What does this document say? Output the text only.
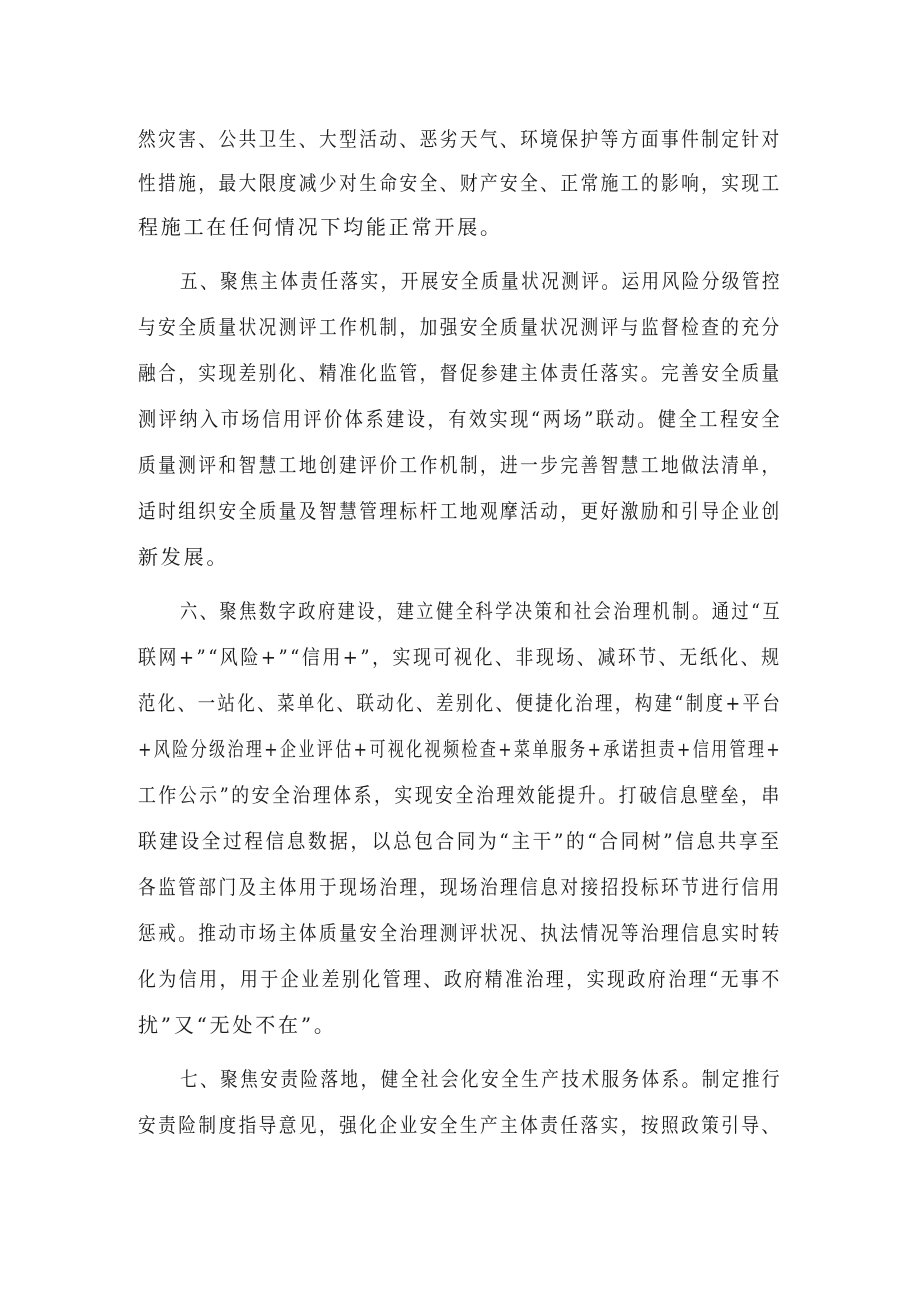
然灾害、公共卫生、大型活动、恶劣天气、环境保护等方面事件制定针对
性措施，最大限度减少对生命安全、财产安全、正常施工的影响，实现工
程施工在任何情况下均能正常开展。
五、聚焦主体责任落实，开展安全质量状况测评。运用风险分级管控
与安全质量状况测评工作机制，加强安全质量状况测评与监督检查的充分
融合，实现差别化、精准化监管，督促参建主体责任落实。完善安全质量
测评纳入市场信用评价体系建设，有效实现“两场”联动。健全工程安全
质量测评和智慧工地创建评价工作机制，进一步完善智慧工地做法清单，
适时组织安全质量及智慧管理标杆工地观摩活动，更好激励和引导企业创
新发展。
六、聚焦数字政府建设，建立健全科学决策和社会治理机制。通过“互
联网+”“风险+”“信用+”，实现可视化、非现场、减环节、无纸化、规
范化、一站化、菜单化、联动化、差别化、便捷化治理，构建“制度+平台
+风险分级治理+企业评估+可视化视频检查+菜单服务+承诺担责+信用管理+
工作公示”的安全治理体系，实现安全治理效能提升。打破信息壁垒，串
联建设全过程信息数据，以总包合同为“主干”的“合同树”信息共享至
各监管部门及主体用于现场治理，现场治理信息对接招投标环节进行信用
惩戒。推动市场主体质量安全治理测评状况、执法情况等治理信息实时转
化为信用，用于企业差别化管理、政府精准治理，实现政府治理“无事不
扰”又“无处不在”。
七、聚焦安责险落地，健全社会化安全生产技术服务体系。制定推行
安责险制度指导意见，强化企业安全生产主体责任落实，按照政策引导、
